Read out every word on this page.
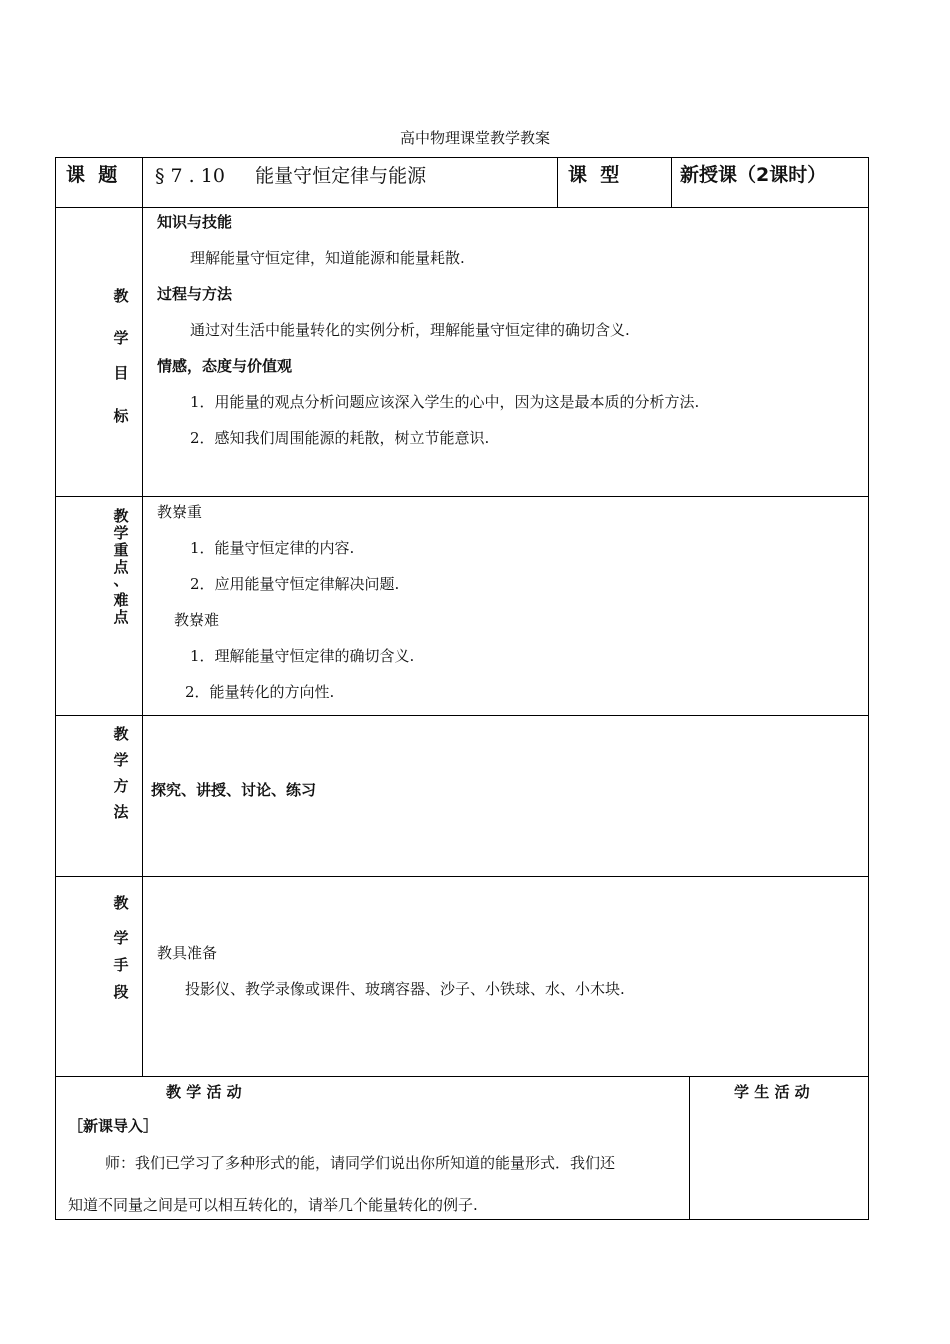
高中物理课堂教学教案
课  题 § 7 . 10     能量守恒定律与能源	课  型	新授课（2课时）
教
学
目
标
知识与技能
理解能量守恒定律，知道能源和能量耗散.
过程与方法
通过对生活中能量转化的实例分析，理解能量守恒定律的确切含义.
情感，态度与价值观
1．用能量的观点分析问题应该深入学生的心中，因为这是最本质的分析方法.
2．感知我们周围能源的耗散，树立节能意识.
教
学
重
点
、
难
点
教嶚重
1．能量守恒定律的内容.
2．应用能量守恒定律解决问题.
教嶚难
1．理解能量守恒定律的确切含义.
2．能量转化的方向性.
教
学
方
法
探究、讲授、讨论、练习
教
学
手
段
教具准备
投影仪、教学录像或课件、玻璃容器、沙子、小铁球、水、小木块.
教 学 活 动
［新课导入］
师：我们已学习了多种形式的能，请同学们说出你所知道的能量形式．我们还
知道不同量之间是可以相互转化的，请举几个能量转化的例子.
学 生 活 动
